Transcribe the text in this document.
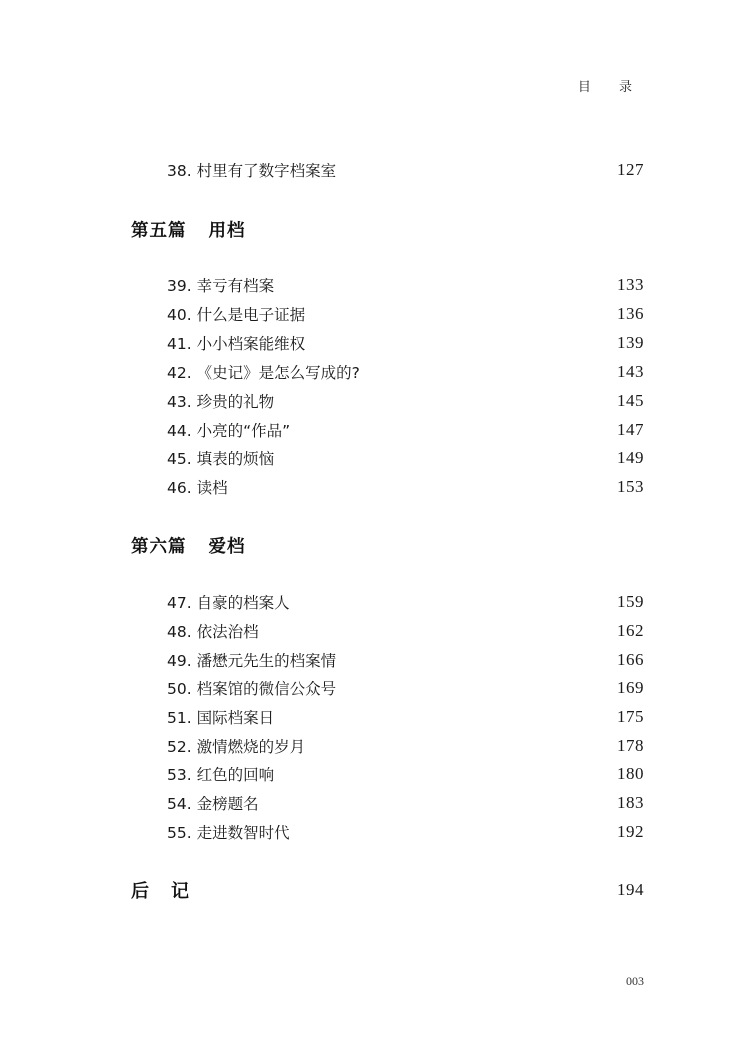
目 录
38. 村里有了数字档案室	127
第五篇 用档
39. 幸亏有档案	133
40. 什么是电子证据	136
41. 小小档案能维权	139
42. 《史记》是怎么写成的?	143
43. 珍贵的礼物	145
44. 小亮的“作品”	147
45. 填表的烦恼	149
46. 读档	153
第六篇 爱档
47. 自豪的档案人	159
48. 依法治档	162
49. 潘懋元先生的档案情	166
50. 档案馆的微信公众号	169
51. 国际档案日	175
52. 激情燃烧的岁月	178
53. 红色的回响	180
54. 金榜题名	183
55. 走进数智时代	192
后记	194
003
